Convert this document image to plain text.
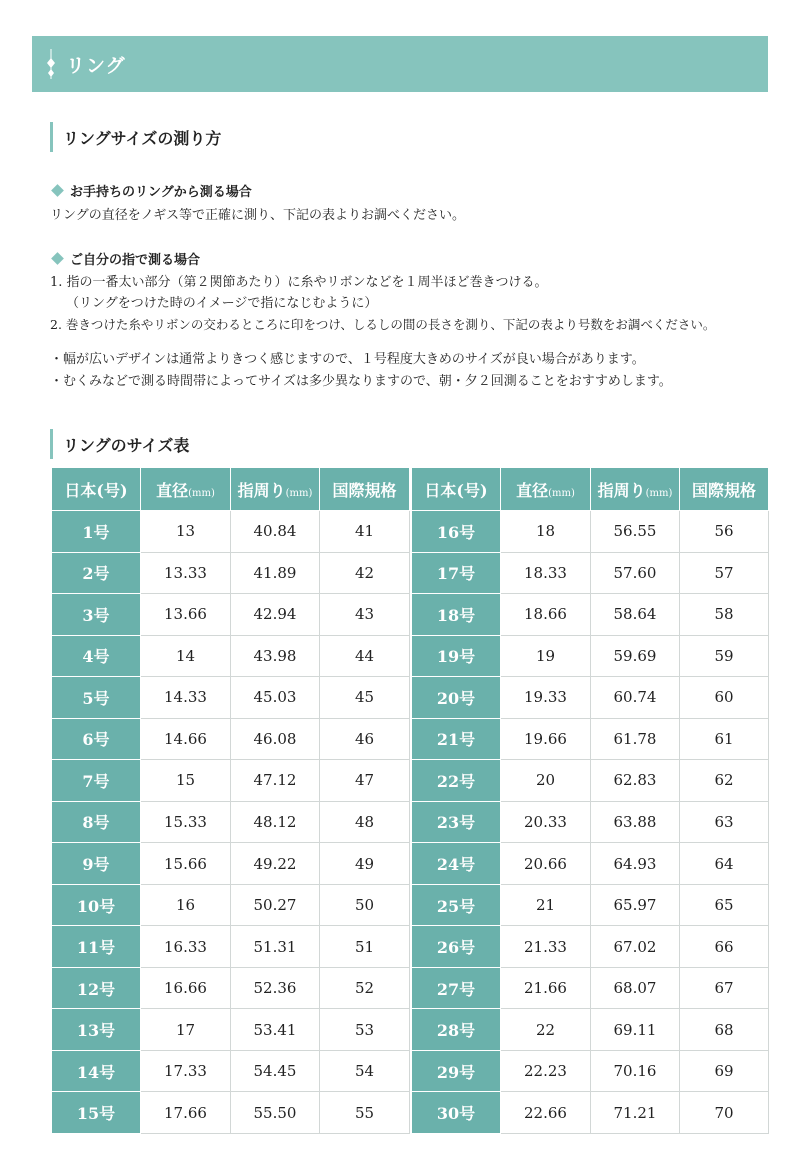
リング
リングサイズの測り方
お手持ちのリングから測る場合
リングの直径をノギス等で正確に測り、下記の表よりお調べください。
ご自分の指で測る場合
1. 指の一番太い部分（第２関節あたり）に糸やリボンなどを１周半ほど巻きつける。
（リングをつけた時のイメージで指になじむように）
2. 巻きつけた糸やリボンの交わるところに印をつけ、しるしの間の長さを測り、下記の表より号数をお調べください。
・幅が広いデザインは通常よりきつく感じますので、１号程度大きめのサイズが良い場合があります。
・むくみなどで測る時間帯によってサイズは多少異なりますので、朝・夕２回測ることをおすすめします。
リングのサイズ表
日本(号)	直径(mm)	指周り(mm)	国際規格		日本(号)	直径(mm)	指周り(mm)	国際規格
1号	13	40.84	41		16号	18	56.55	56
2号	13.33	41.89	42		17号	18.33	57.60	57
3号	13.66	42.94	43		18号	18.66	58.64	58
4号	14	43.98	44		19号	19	59.69	59
5号	14.33	45.03	45		20号	19.33	60.74	60
6号	14.66	46.08	46		21号	19.66	61.78	61
7号	15	47.12	47		22号	20	62.83	62
8号	15.33	48.12	48		23号	20.33	63.88	63
9号	15.66	49.22	49		24号	20.66	64.93	64
10号	16	50.27	50		25号	21	65.97	65
11号	16.33	51.31	51		26号	21.33	67.02	66
12号	16.66	52.36	52		27号	21.66	68.07	67
13号	17	53.41	53		28号	22	69.11	68
14号	17.33	54.45	54		29号	22.23	70.16	69
15号	17.66	55.50	55		30号	22.66	71.21	70
